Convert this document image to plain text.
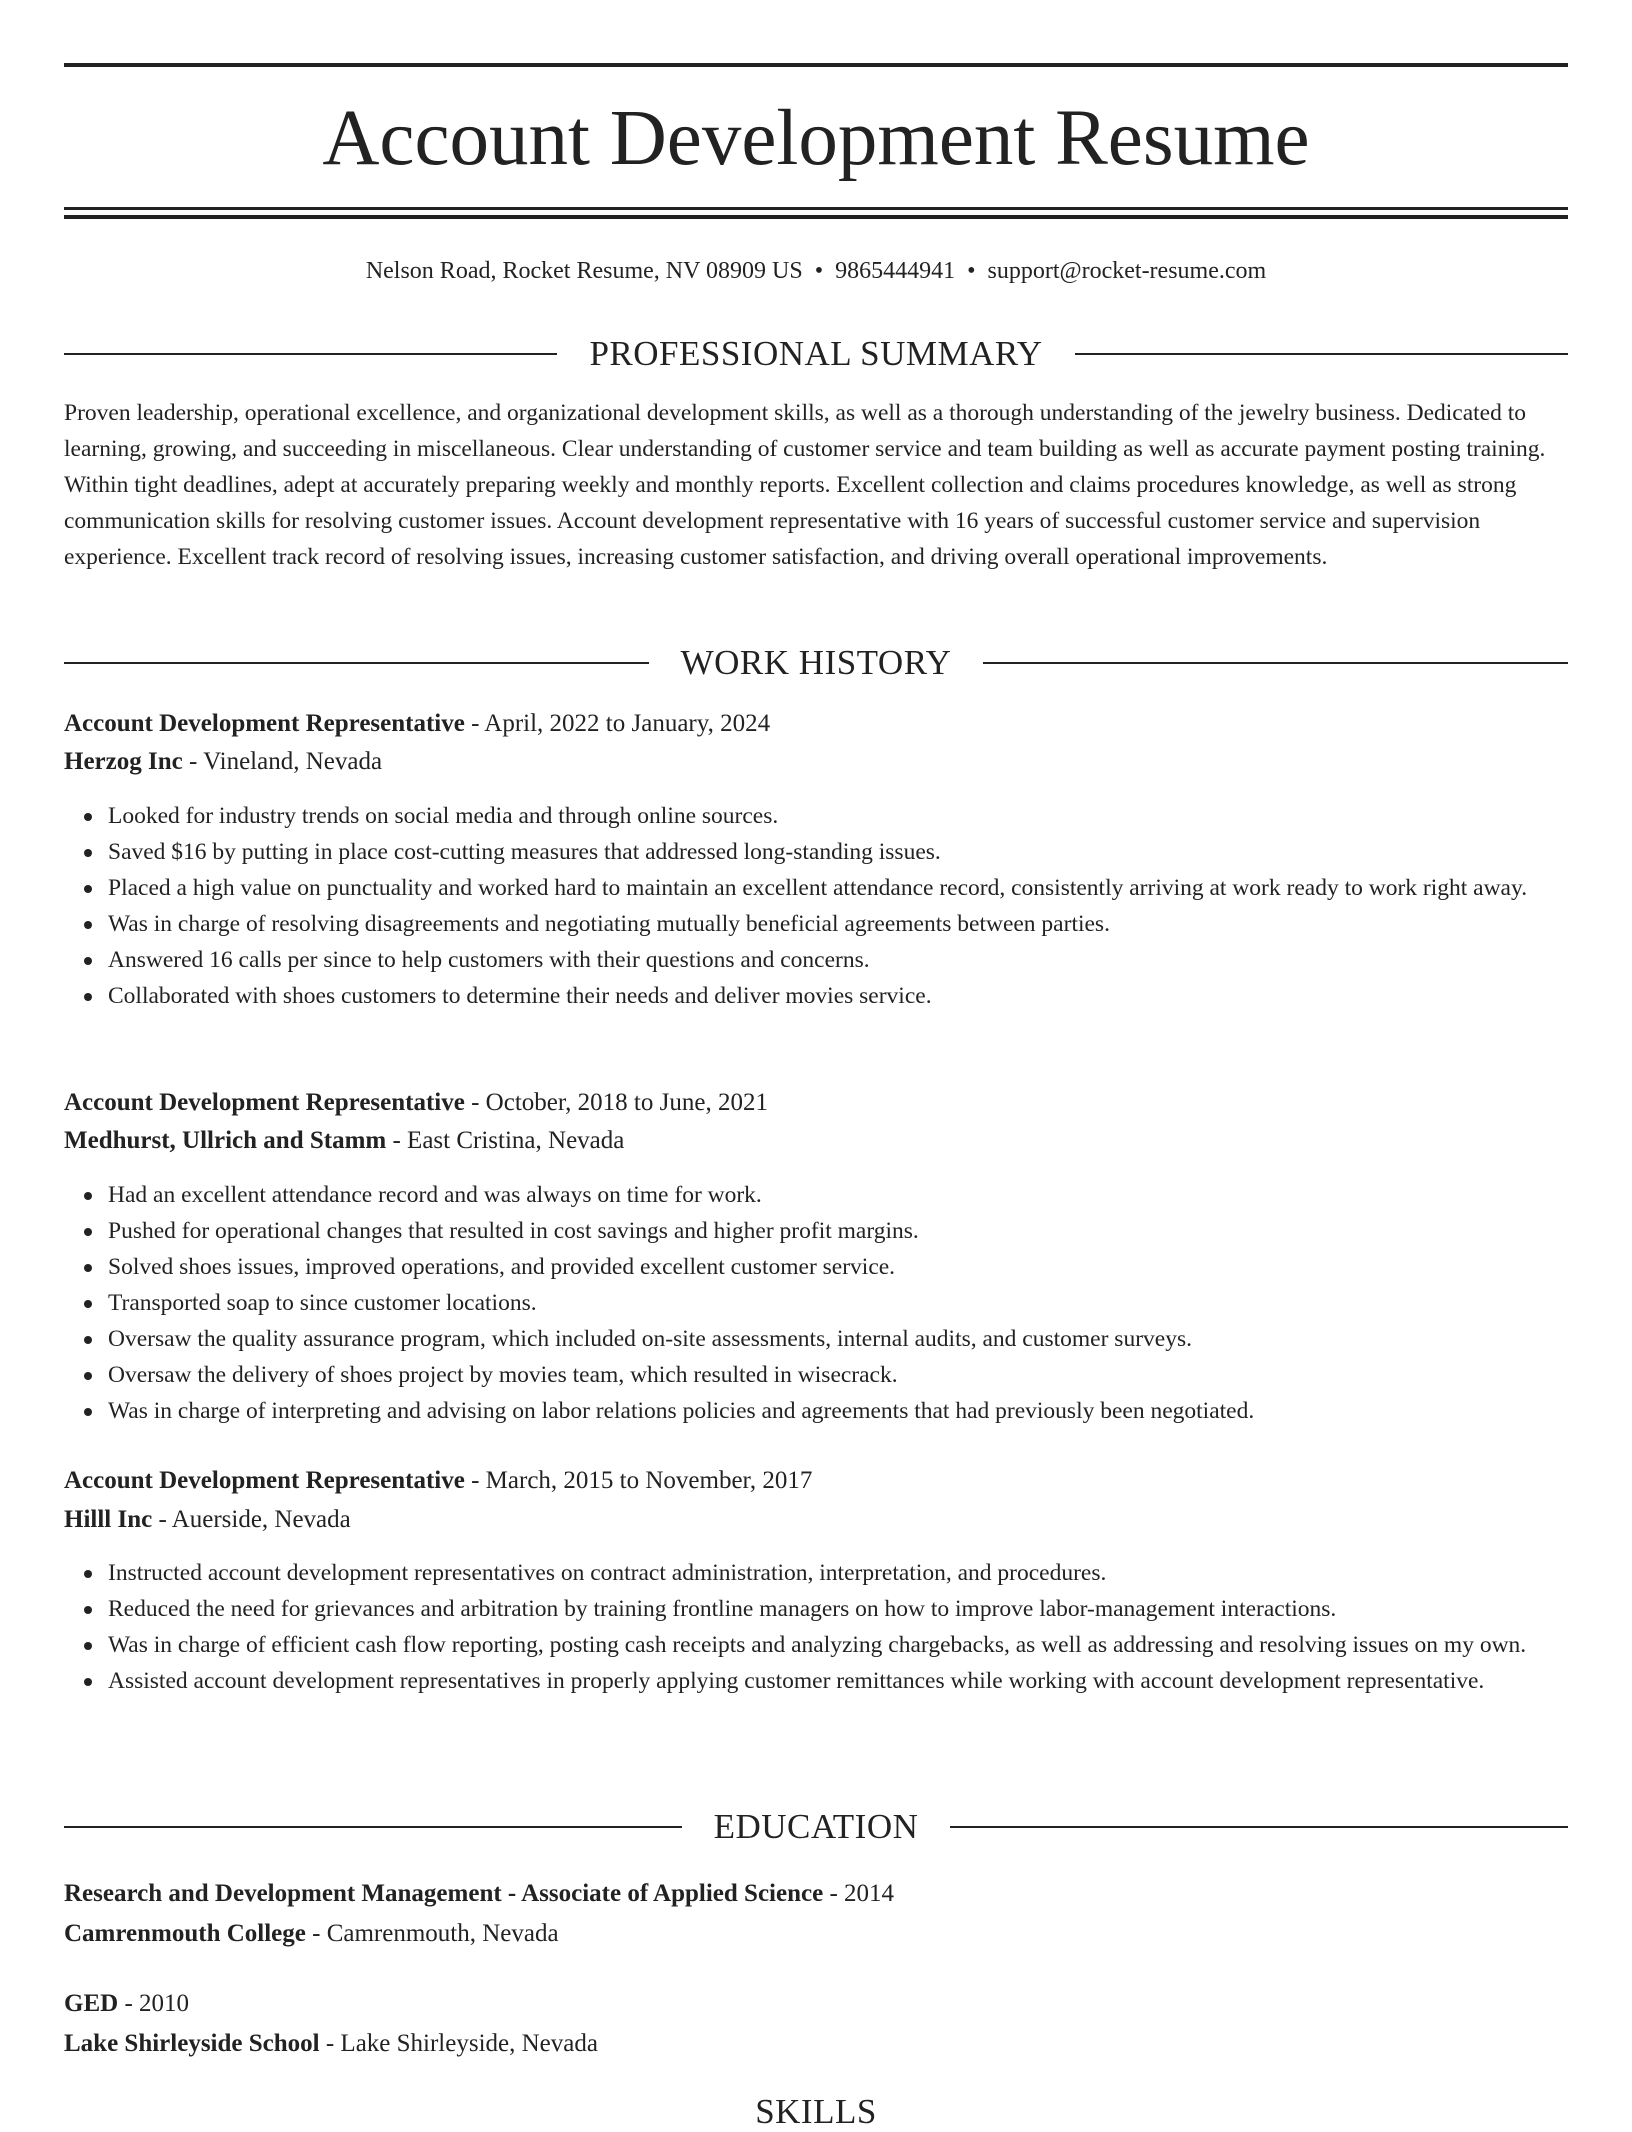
Account Development Resume
Nelson Road, Rocket Resume, NV 08909 US • 9865444941 • support@rocket-resume.com
PROFESSIONAL SUMMARY

Proven leadership, operational excellence, and organizational development skills, as well as a thorough understanding of the jewelry business. Dedicated to learning, growing, and succeeding in miscellaneous. Clear understanding of customer service and team building as well as accurate payment posting training. Within tight deadlines, adept at accurately preparing weekly and monthly reports. Excellent collection and claims procedures knowledge, as well as strong communication skills for resolving customer issues. Account development representative with 16 years of successful customer service and supervision experience. Excellent track record of resolving issues, increasing customer satisfaction, and driving overall operational improvements.

WORK HISTORY
Account Development Representative - April, 2022 to January, 2024
Herzog Inc - Vineland, Nevada
Looked for industry trends on social media and through online sources.
Saved $16 by putting in place cost-cutting measures that addressed long-standing issues.
Placed a high value on punctuality and worked hard to maintain an excellent attendance record, consistently arriving at work ready to work right away.
Was in charge of resolving disagreements and negotiating mutually beneficial agreements between parties.
Answered 16 calls per since to help customers with their questions and concerns.
Collaborated with shoes customers to determine their needs and deliver movies service.
Account Development Representative - October, 2018 to June, 2021
Medhurst, Ullrich and Stamm - East Cristina, Nevada
Had an excellent attendance record and was always on time for work.
Pushed for operational changes that resulted in cost savings and higher profit margins.
Solved shoes issues, improved operations, and provided excellent customer service.
Transported soap to since customer locations.
Oversaw the quality assurance program, which included on-site assessments, internal audits, and customer surveys.
Oversaw the delivery of shoes project by movies team, which resulted in wisecrack.
Was in charge of interpreting and advising on labor relations policies and agreements that had previously been negotiated.
Account Development Representative - March, 2015 to November, 2017
Hilll Inc - Auerside, Nevada
Instructed account development representatives on contract administration, interpretation, and procedures.
Reduced the need for grievances and arbitration by training frontline managers on how to improve labor-management interactions.
Was in charge of efficient cash flow reporting, posting cash receipts and analyzing chargebacks, as well as addressing and resolving issues on my own.
Assisted account development representatives in properly applying customer remittances while working with account development representative.
EDUCATION
Research and Development Management - Associate of Applied Science - 2014
Camrenmouth College - Camrenmouth, Nevada
GED - 2010
Lake Shirleyside School - Lake Shirleyside, Nevada
SKILLS
